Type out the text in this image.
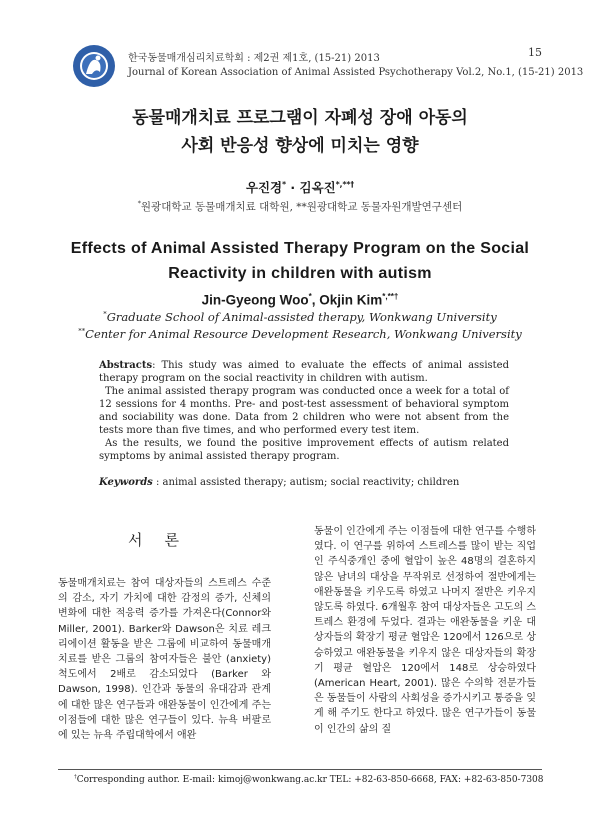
한국동물매개심리치료학회 : 제2권 제1호, (15-21) 2013
Journal of Korean Association of Animal Assisted Psychotherapy Vol.2, No.1, (15-21) 2013
15
동물매개치료 프로그램이 자폐성 장애 아동의
사회 반응성 향상에 미치는 영향
우진경* · 김옥진*,**†
*원광대학교 동물매개치료 대학원, **원광대학교 동물자원개발연구센터
Effects of Animal Assisted Therapy Program on the Social
Reactivity in children with autism
Jin-Gyeong Woo*, Okjin Kim*,**†
*Graduate School of Animal-assisted therapy, Wonkwang University
**Center for Animal Resource Development Research, Wonkwang University

Abstracts: This study was aimed to evaluate the effects of animal assisted therapy program on the social reactivity in children with autism.

The animal assisted therapy program was conducted once a week for a total of 12 sessions for 4 months. Pre- and post-test assessment of behavioral symptom and sociability was done. Data from 2 children who were not absent from the tests more than five times, and who performed every test item.

As the results, we found the positive improvement effects of autism related symptoms by animal assisted therapy program.

Keywords : animal assisted therapy; autism; social reactivity; children
서론

동물매개치료는 참여 대상자들의 스트레스 수준의 감소, 자기 가치에 대한 감정의 증가, 신체의 변화에 대한 적응력 증가를 가져온다(Connor와 Miller, 2001). Barker와 Dawson은 치료 레크리에이션 활동을 받은 그룹에 비교하여 동물매개치료를 받은 그룹의 참여자들은 불안 (anxiety) 척도에서 2배로 감소되었다 (Barker 와 Dawson, 1998). 인간과 동물의 유대감과 관계에 대한 많은 연구들과 애완동물이 인간에게 주는 이점들에 대한 많은 연구들이 있다. 뉴욕 버팔로에 있는 뉴욕 주립대학에서 애완

동물이 인간에게 주는 이점들에 대한 연구를 수행하였다. 이 연구를 위하여 스트레스를 많이 받는 직업인 주식중개인 중에 혈압이 높은 48명의 결혼하지 않은 남녀의 대상을 무작위로 선정하여 절반에게는 애완동물을 키우도록 하였고 나머지 절반은 키우지 않도록 하였다. 6개월후 참여 대상자들은 고도의 스트레스 환경에 두었다. 결과는 애완동물을 키운 대상자들의 확장기 평균 혈압은 120에서 126으로 상승하였고 애완동물을 키우지 않은 대상자들의 확장기 평균 혈압은 120에서 148로 상승하였다 (American Heart, 2001). 많은 수의학 전문가들은 동물들이 사람의 사회성을 증가시키고 통증을 잊게 해 주기도 한다고 하였다. 많은 연구가들이 동물이 인간의 삶의 질

†Corresponding author. E-mail: kimoj@wonkwang.ac.kr TEL: +82-63-850-6668, FAX: +82-63-850-7308
